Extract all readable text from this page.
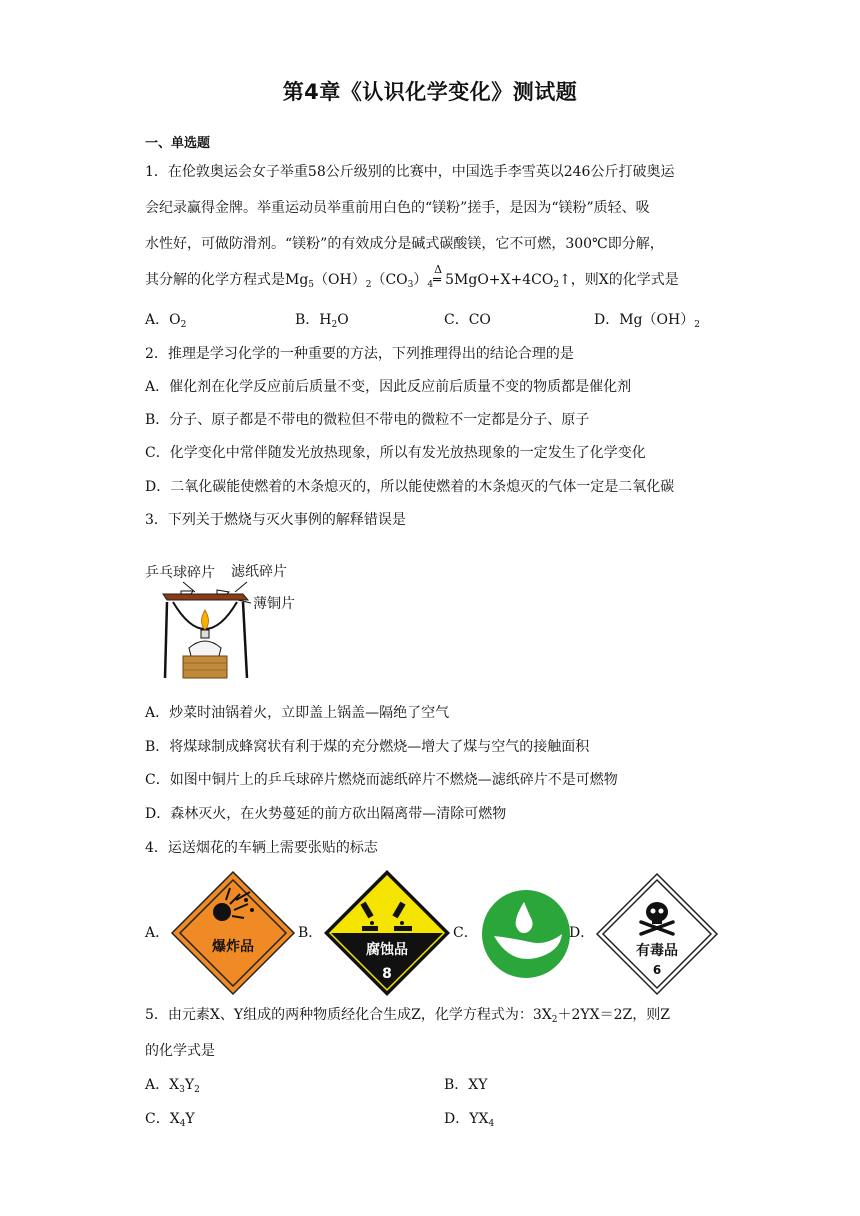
第4章《认识化学变化》测试题
一、单选题
1．在伦敦奥运会女子举重58公斤级别的比赛中，中国选手李雪英以246公斤打破奥运
会纪录赢得金牌。举重运动员举重前用白色的“镁粉”搓手，是因为“镁粉”质轻、吸
水性好，可做防滑剂。“镁粉”的有效成分是碱式碳酸镁，它不可燃，300℃即分解，
其分解的化学方程式是$Mg_5(OH)_2(CO_3)_4$
Δ
═ $5MgO+X+4CO_2↑$，则X的化学式是
A．$O_2$	B．$H_2O$	C．CO	D．$Mg(OH)_2$
2．推理是学习化学的一种重要的方法，下列推理得出的结论合理的是
A．催化剂在化学反应前后质量不变，因此反应前后质量不变的物质都是催化剂
B．分子、原子都是不带电的微粒但不带电的微粒不一定都是分子、原子
C．化学变化中常伴随发光放热现象，所以有发光放热现象的一定发生了化学变化
D．二氧化碳能使燃着的木条熄灭的，所以能使燃着的木条熄灭的气体一定是二氧化碳
3．下列关于燃烧与灭火事例的解释错误是
乒乓球碎片 滤纸碎片
薄铜片
A．炒菜时油锅着火，立即盖上锅盖—隔绝了空气
B．将煤球制成蜂窝状有利于煤的充分燃烧—增大了煤与空气的接触面积
C．如图中铜片上的乒乓球碎片燃烧而滤纸碎片不燃烧—滤纸碎片不是可燃物
D．森林灭火，在火势蔓延的前方砍出隔离带—清除可燃物
4．运送烟花的车辆上需要张贴的标志
A．
爆炸品
B．
腐蚀品
8
C．	D．
有毒品
6
5．由元素X、Y组成的两种物质经化合生成Z，化学方程式为：$3X_2+2YX=2Z$，则Z
的化学式是
A．$X_3Y_2$	B．XY
C．$X_4Y$	D．$YX_4$
